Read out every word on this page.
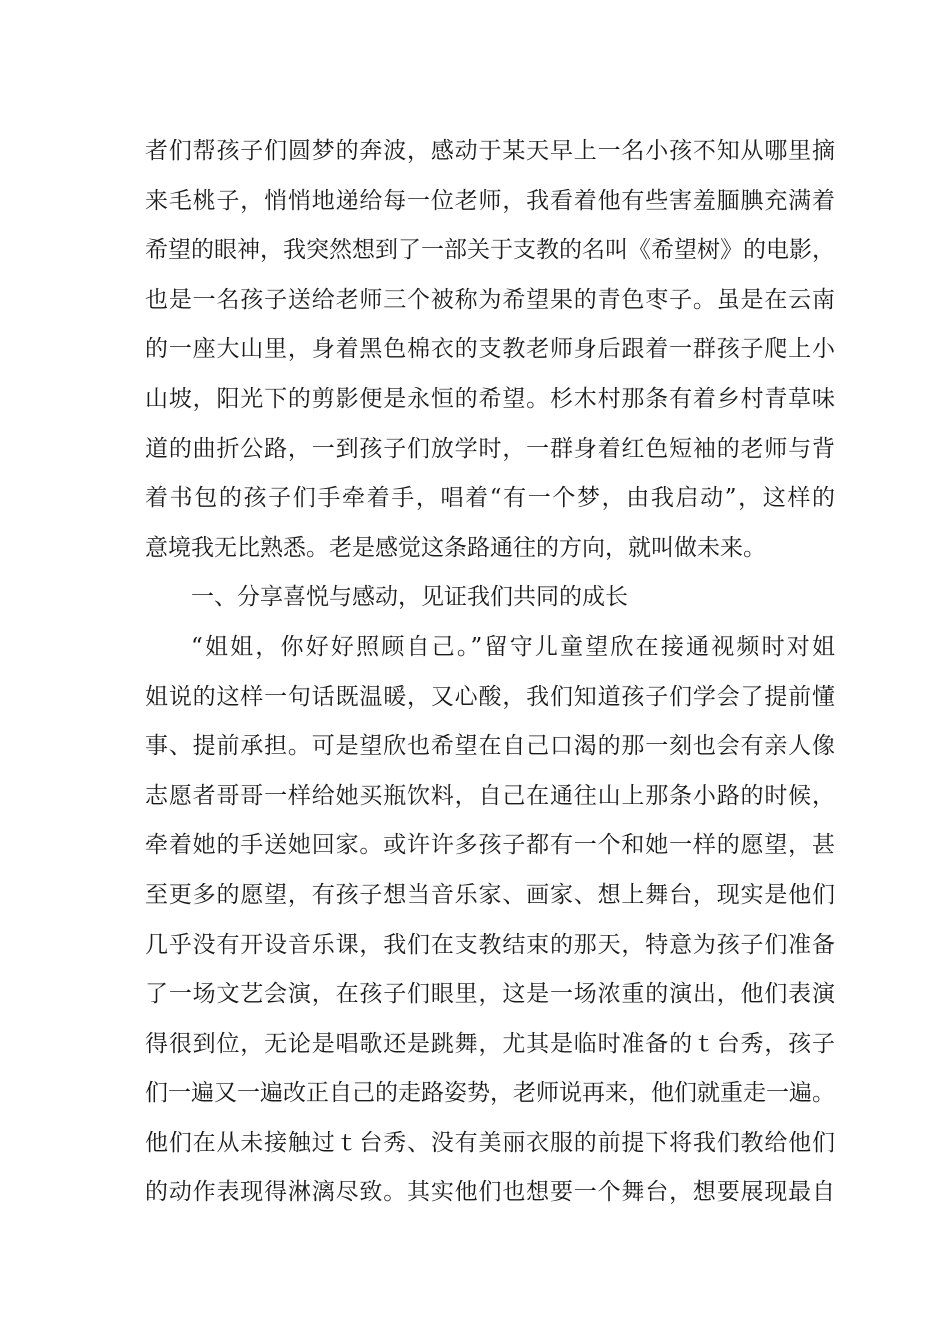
者们帮孩子们圆梦的奔波，感动于某天早上一名小孩不知从哪里摘
来毛桃子，悄悄地递给每一位老师，我看着他有些害羞腼腆充满着
希望的眼神，我突然想到了一部关于支教的名叫《希望树》的电影，
也是一名孩子送给老师三个被称为希望果的青色枣子。虽是在云南
的一座大山里，身着黑色棉衣的支教老师身后跟着一群孩子爬上小
山坡，阳光下的剪影便是永恒的希望。杉木村那条有着乡村青草味
道的曲折公路，一到孩子们放学时，一群身着红色短袖的老师与背
着书包的孩子们手牵着手，唱着“有一个梦，由我启动”，这样的
意境我无比熟悉。老是感觉这条路通往的方向，就叫做未来。
一、分享喜悦与感动，见证我们共同的成长
“姐姐，你好好照顾自己。”留守儿童望欣在接通视频时对姐
姐说的这样一句话既温暖，又心酸，我们知道孩子们学会了提前懂
事、提前承担。可是望欣也希望在自己口渴的那一刻也会有亲人像
志愿者哥哥一样给她买瓶饮料，自己在通往山上那条小路的时候，
牵着她的手送她回家。或许许多孩子都有一个和她一样的愿望，甚
至更多的愿望，有孩子想当音乐家、画家、想上舞台，现实是他们
几乎没有开设音乐课，我们在支教结束的那天，特意为孩子们准备
了一场文艺会演，在孩子们眼里，这是一场浓重的演出，他们表演
得很到位，无论是唱歌还是跳舞，尤其是临时准备的ｔ台秀，孩子
们一遍又一遍改正自己的走路姿势，老师说再来，他们就重走一遍。
他们在从未接触过ｔ台秀、没有美丽衣服的前提下将我们教给他们
的动作表现得淋漓尽致。其实他们也想要一个舞台，想要展现最自
